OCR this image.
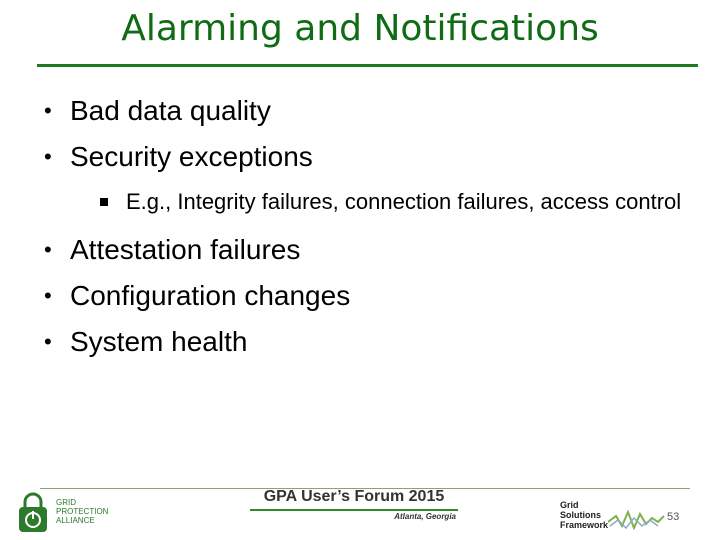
Alarming and Notifications
• Bad data quality
• Security exceptions
E.g., Integrity failures, connection failures, access control
• Attestation failures
• Configuration changes
• System health
GRID
PROTECTION
ALLIANCE
GPA User’s Forum 2015
Atlanta, Georgia
Grid
Solutions
Framework
53
